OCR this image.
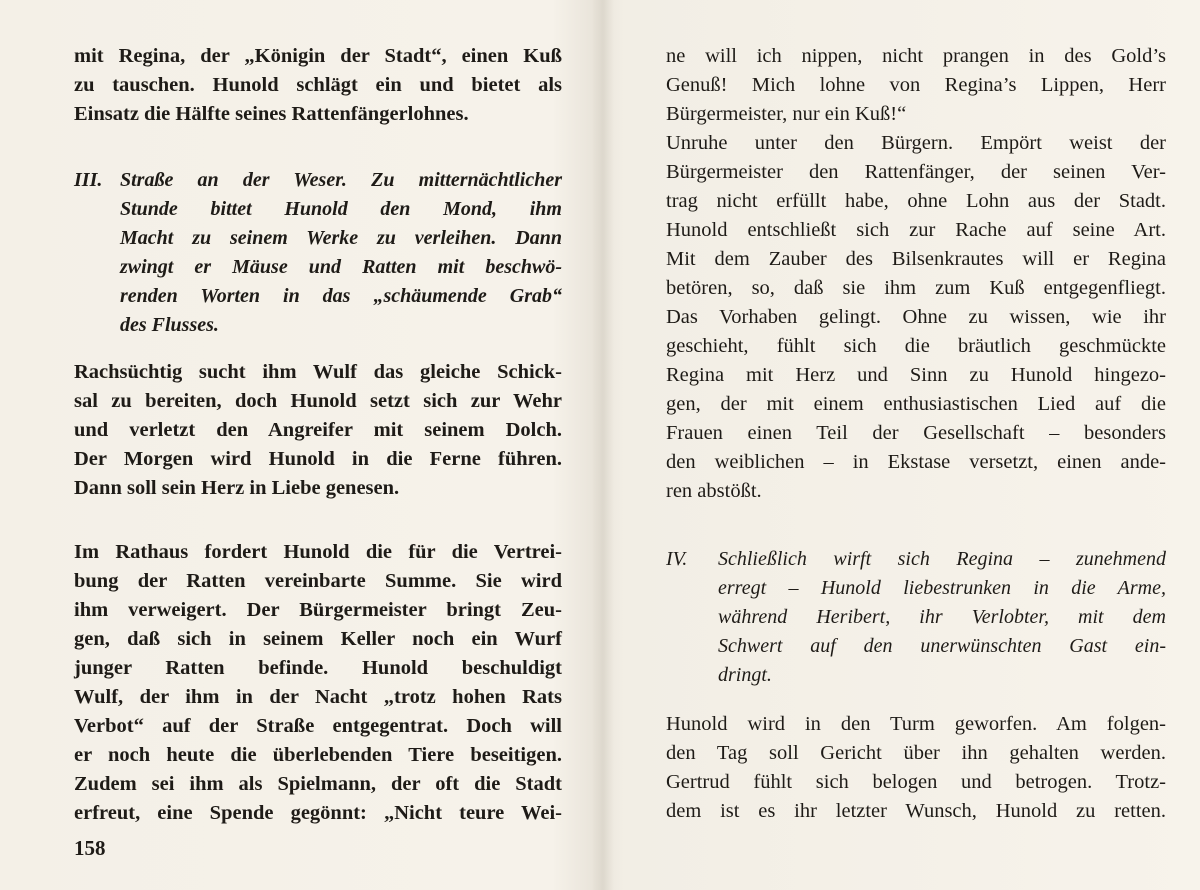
mit Regina, der „Königin der Stadt“, einen Kuß
zu tauschen. Hunold schlägt ein und bietet als
Einsatz die Hälfte seines Rattenfängerlohnes.
III. Straße an der Weser. Zu mitternächtlicher
Stunde bittet Hunold den Mond, ihm
Macht zu seinem Werke zu verleihen. Dann
zwingt er Mäuse und Ratten mit beschwö-
renden Worten in das „schäumende Grab“
des Flusses.
Rachsüchtig sucht ihm Wulf das gleiche Schick-
sal zu bereiten, doch Hunold setzt sich zur Wehr
und verletzt den Angreifer mit seinem Dolch.
Der Morgen wird Hunold in die Ferne führen.
Dann soll sein Herz in Liebe genesen.
Im Rathaus fordert Hunold die für die Vertrei-
bung der Ratten vereinbarte Summe. Sie wird
ihm verweigert. Der Bürgermeister bringt Zeu-
gen, daß sich in seinem Keller noch ein Wurf
junger Ratten befinde. Hunold beschuldigt
Wulf, der ihm in der Nacht „trotz hohen Rats
Verbot“ auf der Straße entgegentrat. Doch will
er noch heute die überlebenden Tiere beseitigen.
Zudem sei ihm als Spielmann, der oft die Stadt
erfreut, eine Spende gegönnt: „Nicht teure Wei-
158
ne will ich nippen, nicht prangen in des Gold’s
Genuß! Mich lohne von Regina’s Lippen, Herr
Bürgermeister, nur ein Kuß!“
Unruhe unter den Bürgern. Empört weist der
Bürgermeister den Rattenfänger, der seinen Ver-
trag nicht erfüllt habe, ohne Lohn aus der Stadt.
Hunold entschließt sich zur Rache auf seine Art.
Mit dem Zauber des Bilsenkrautes will er Regina
betören, so, daß sie ihm zum Kuß entgegenfliegt.
Das Vorhaben gelingt. Ohne zu wissen, wie ihr
geschieht, fühlt sich die bräutlich geschmückte
Regina mit Herz und Sinn zu Hunold hingezo-
gen, der mit einem enthusiastischen Lied auf die
Frauen einen Teil der Gesellschaft – besonders
den weiblichen – in Ekstase versetzt, einen ande-
ren abstößt.
IV.	Schließlich wirft sich Regina – zunehmend
erregt – Hunold liebestrunken in die Arme,
während Heribert, ihr Verlobter, mit dem
Schwert auf den unerwünschten Gast ein-
dringt.
Hunold wird in den Turm geworfen. Am folgen-
den Tag soll Gericht über ihn gehalten werden.
Gertrud fühlt sich belogen und betrogen. Trotz-
dem ist es ihr letzter Wunsch, Hunold zu retten.
